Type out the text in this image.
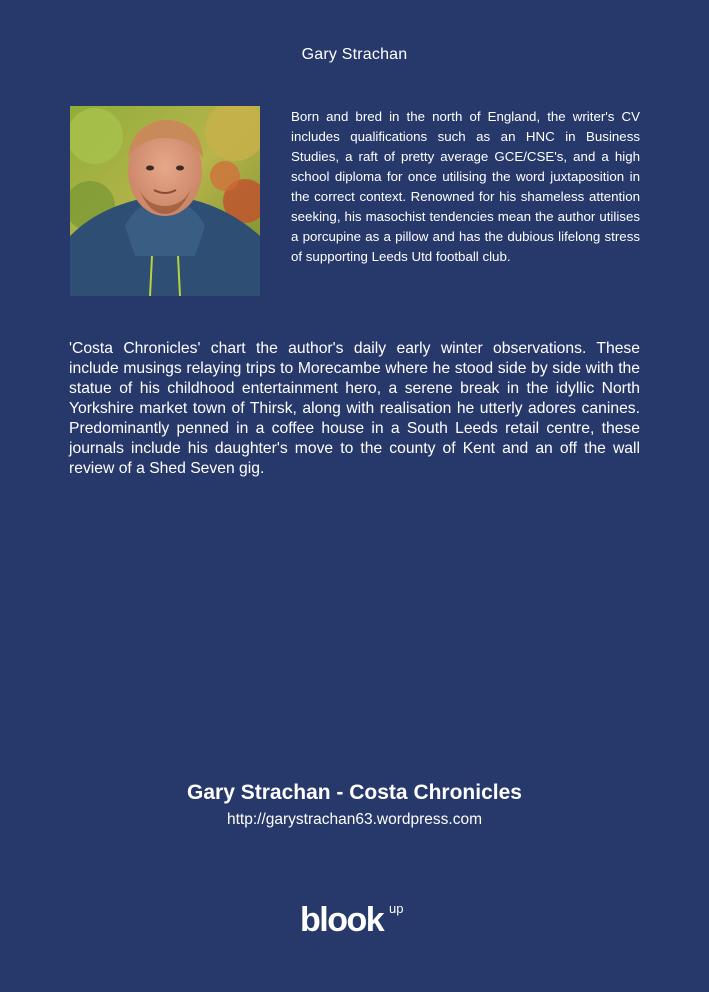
Gary Strachan

Born and bred in the north of England, the writer's CV includes qualifications such as an HNC in Business Studies, a raft of pretty average GCE/CSE's, and a high school diploma for once utilising the word juxtaposition in the correct context. Renowned for his shameless attention seeking, his masochist tendencies mean the author utilises a porcupine as a pillow and has the dubious lifelong stress of supporting Leeds Utd football club.

'Costa Chronicles' chart the author's daily early winter observations. These include musings relaying trips to Morecambe where he stood side by side with the statue of his childhood entertainment hero, a serene break in the idyllic North Yorkshire market town of Thirsk, along with realisation he utterly adores canines. Predominantly penned in a coffee house in a South Leeds retail centre, these journals include his daughter's move to the county of Kent and an off the wall review of a Shed Seven gig.

Gary Strachan - Costa Chronicles
http://garystrachan63.wordpress.com
blook up
